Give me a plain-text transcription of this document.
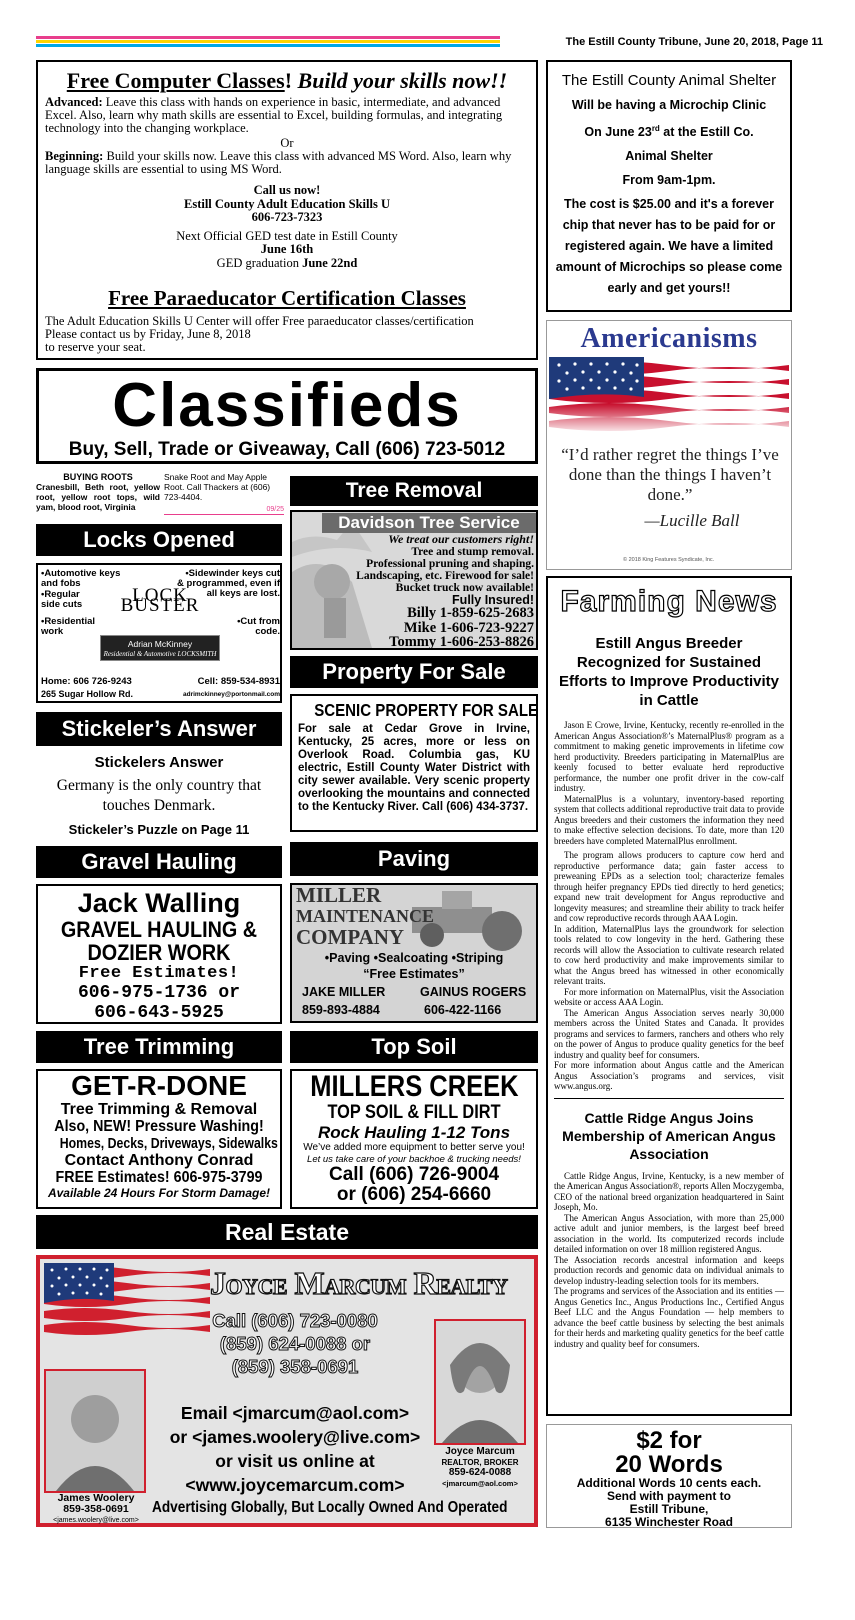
The Estill County Tribune, June 20, 2018, Page 11
Free Computer Classes! Build your skills now!!

Advanced: Leave this class with hands on experience in basic, intermediate, and advanced Excel. Also, learn why math skills are essential to Excel, building formulas, and integrating technology into the changing workplace.

Or

Beginning: Build your skills now. Leave this class with advanced MS Word. Also, learn why language skills are essential to using MS Word.

Call us now!

Estill County Adult Education Skills U

606-723-7323

Next Official GED test date in Estill County

June 16th

GED graduation June 22nd

Free Paraeducator Certification Classes

The Adult Education Skills U Center will offer Free paraeducator classes/certification

Please contact us by Friday, June 8, 2018

to reserve your seat.

The Estill County Animal Shelter
Will be having a Microchip Clinic
On June 23rd at the Estill Co.
Animal Shelter
From 9am-1pm.
The cost is $25.00 and it's a forever chip that never has to be paid for or registered again. We have a limited amount of Microchips so please come early and get yours!!
Americanisms
“I’d rather regret the things I’ve done than the things I haven’t done.”
—Lucille Ball
© 2018 King Features Syndicate, Inc.
Classifieds
Buy, Sell, Trade or Giveaway, Call (606) 723-5012
BUYING ROOTS
Cranesbill, Beth root, yellow root, yellow root tops, wild yam, blood root, Virginia
Snake Root and May Apple Root. Call Thackers at (606) 723-4404.
09/25
Tree Removal
Davidson Tree Service
We treat our customers right!
Tree and stump removal.
Professional pruning and shaping.
Landscaping, etc. Firewood for sale!
Bucket truck now available!
Fully Insured!
Billy 1-859-625-2683
Mike 1-606-723-9227
Tommy 1-606-253-8826
Locks Opened
•Automotive keys and fobs
•Regular side cuts
•Residential work
•Sidewinder keys cut & programmed, even if all keys are lost.
•Cut from code.
LOCK BUSTER
Adrian McKinney
Residential & Automotive LOCKSMITH
Home: 606 726-9243	Cell: 859-534-8931
265 Sugar Hollow Rd.	adrimckinney@portonmail.com
Property For Sale
SCENIC PROPERTY FOR SALE
For sale at Cedar Grove in Irvine, Kentucky, 25 acres, more or less on Overlook Road. Columbia gas, KU electric, Estill County Water District with city sewer available. Very scenic property overlooking the mountains and connected to the Kentucky River. Call (606) 434-3737.
Stickeler’s Answer
Stickelers Answer
Germany is the only country that touches Denmark.
Stickeler’s Puzzle on Page 11
Paving
MILLER
MAINTENANCE
COMPANY
•Paving •Sealcoating •Striping
“Free Estimates”
JAKE MILLER	GAINUS ROGERS
859-893-4884	606-422-1166
Gravel Hauling
Jack Walling
GRAVEL HAULING &
DOZIER WORK
Free Estimates!
606-975-1736 or
606-643-5925
Tree Trimming
GET-R-DONE
Tree Trimming & Removal
Also, NEW! Pressure Washing!
Homes, Decks, Driveways, Sidewalks
Contact Anthony Conrad
FREE Estimates! 606-975-3799
Available 24 Hours For Storm Damage!
Top Soil
MILLERS CREEK
TOP SOIL & FILL DIRT
Rock Hauling 1-12 Tons
We’ve added more equipment to better serve you!
Let us take care of your backhoe & trucking needs!
Call (606) 726-9004
or (606) 254-6660
Real Estate
Joyce Marcum Realty
Call (606) 723-0080
(859) 624-0088 or
(859) 358-0691
Email <jmarcum@aol.com>
or <james.woolery@live.com>
or visit us online at
<www.joycemarcum.com>
Advertising Globally, But Locally Owned And Operated
James Woolery
859-358-0691
<james.woolery@live.com>
Joyce Marcum
REALTOR, BROKER
859-624-0088
<jmarcum@aol.com>
Farming News
Estill Angus Breeder Recognized for Sustained Efforts to Improve Productivity in Cattle

Jason E Crowe, Irvine, Kentucky, recently re-enrolled in the American Angus Association®’s MaternalPlus® program as a commitment to making genetic improvements in lifetime cow herd productivity. Breeders participating in MaternalPlus are keenly focused to better evaluate herd reproductive performance, the number one profit driver in the cow-calf industry.

MaternalPlus is a voluntary, inventory-based reporting system that collects additional reproductive trait data to provide Angus breeders and their customers the information they need to make effective selection decisions. To date, more than 120 breeders have completed MaternalPlus enrollment.

The program allows producers to capture cow herd and reproductive performance data; gain faster access to preweaning EPDs as a selection tool; characterize females through heifer pregnancy EPDs tied directly to herd genetics; expand new trait development for Angus reproductive and longevity measures; and streamline their ability to track heifer and cow reproductive records through AAA Login.

In addition, MaternalPlus lays the groundwork for selection tools related to cow longevity in the herd. Gathering these records will allow the Association to cultivate research related to cow herd productivity and make improvements similar to what the Angus breed has witnessed in other economically relevant traits.

For more information on MaternalPlus, visit the Association website or access AAA Login.

The American Angus Association serves nearly 30,000 members across the United States and Canada. It provides programs and services to farmers, ranchers and others who rely on the power of Angus to produce quality genetics for the beef industry and quality beef for consumers.

For more information about Angus cattle and the American Angus Association’s programs and services, visit www.angus.org.

Cattle Ridge Angus Joins Membership of American Angus Association

Cattle Ridge Angus, Irvine, Kentucky, is a new member of the American Angus Association®, reports Allen Moczygemba, CEO of the national breed organization headquartered in Saint Joseph, Mo.

The American Angus Association, with more than 25,000 active adult and junior members, is the largest beef breed association in the world. Its computerized records include detailed information on over 18 million registered Angus.

The Association records ancestral information and keeps production records and genomic data on individual animals to develop industry-leading selection tools for its members.

The programs and services of the Association and its entities — Angus Genetics Inc., Angus Productions Inc., Certified Angus Beef LLC and the Angus Foundation — help members to advance the beef cattle business by selecting the best animals for their herds and marketing quality genetics for the beef cattle industry and quality beef for consumers.

$2 for
20 Words
Additional Words 10 cents each.
Send with payment to
Estill Tribune,
6135 Winchester Road
